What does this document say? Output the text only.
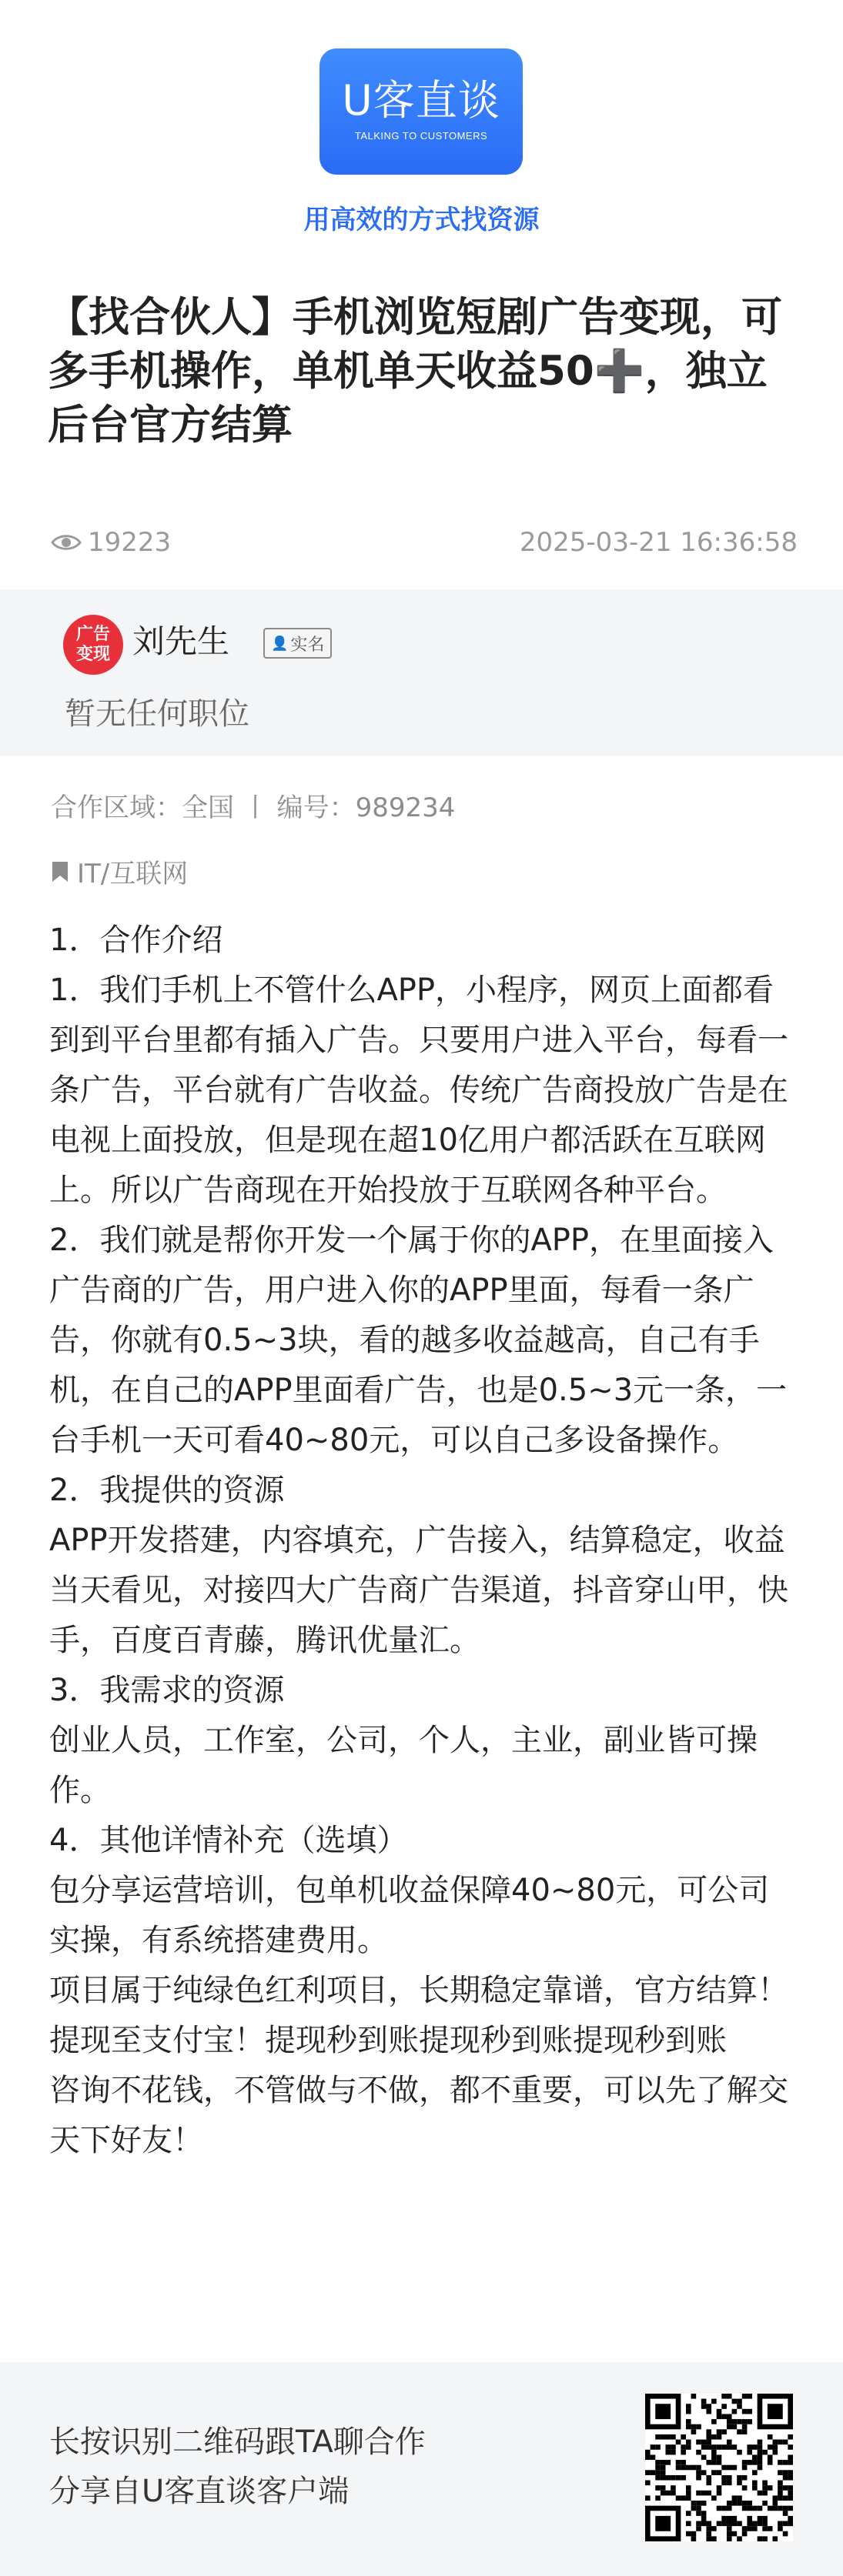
U客直谈
TALKING TO CUSTOMERS
用高效的方式找资源
【找合伙人】手机浏览短剧广告变现，可多手机操作，单机单天收益50➕，独立后台官方结算
19223	2025-03-21 16:36:58
广告
变现 刘先生	👤 实名
暂无任何职位
合作区域：全国 丨 编号：989234
IT/互联网

1．合作介绍

1．我们手机上不管什么APP，小程序，网页上面都看到到平台里都有插入广告。只要用户进入平台，每看一条广告，平台就有广告收益。传统广告商投放广告是在电视上面投放，但是现在超10亿用户都活跃在互联网上。所以广告商现在开始投放于互联网各种平台。

2．我们就是帮你开发一个属于你的APP，在里面接入广告商的广告，用户进入你的APP里面，每看一条广告，你就有0.5~3块，看的越多收益越高，自己有手机，在自己的APP里面看广告，也是0.5~3元一条，一台手机一天可看40~80元，可以自己多设备操作。

2．我提供的资源

APP开发搭建，内容填充，广告接入，结算稳定，收益当天看见，对接四大广告商广告渠道，抖音穿山甲，快手，百度百青藤，腾讯优量汇。

3．我需求的资源

创业人员，工作室，公司，个人，主业，副业皆可操作。

4．其他详情补充（选填）

包分享运营培训，包单机收益保障40~80元，可公司实操，有系统搭建费用。

项目属于纯绿色红利项目，长期稳定靠谱，官方结算！提现至支付宝！提现秒到账提现秒到账提现秒到账

咨询不花钱，不管做与不做，都不重要，可以先了解交天下好友！

长按识别二维码跟TA聊合作
分享自U客直谈客户端
